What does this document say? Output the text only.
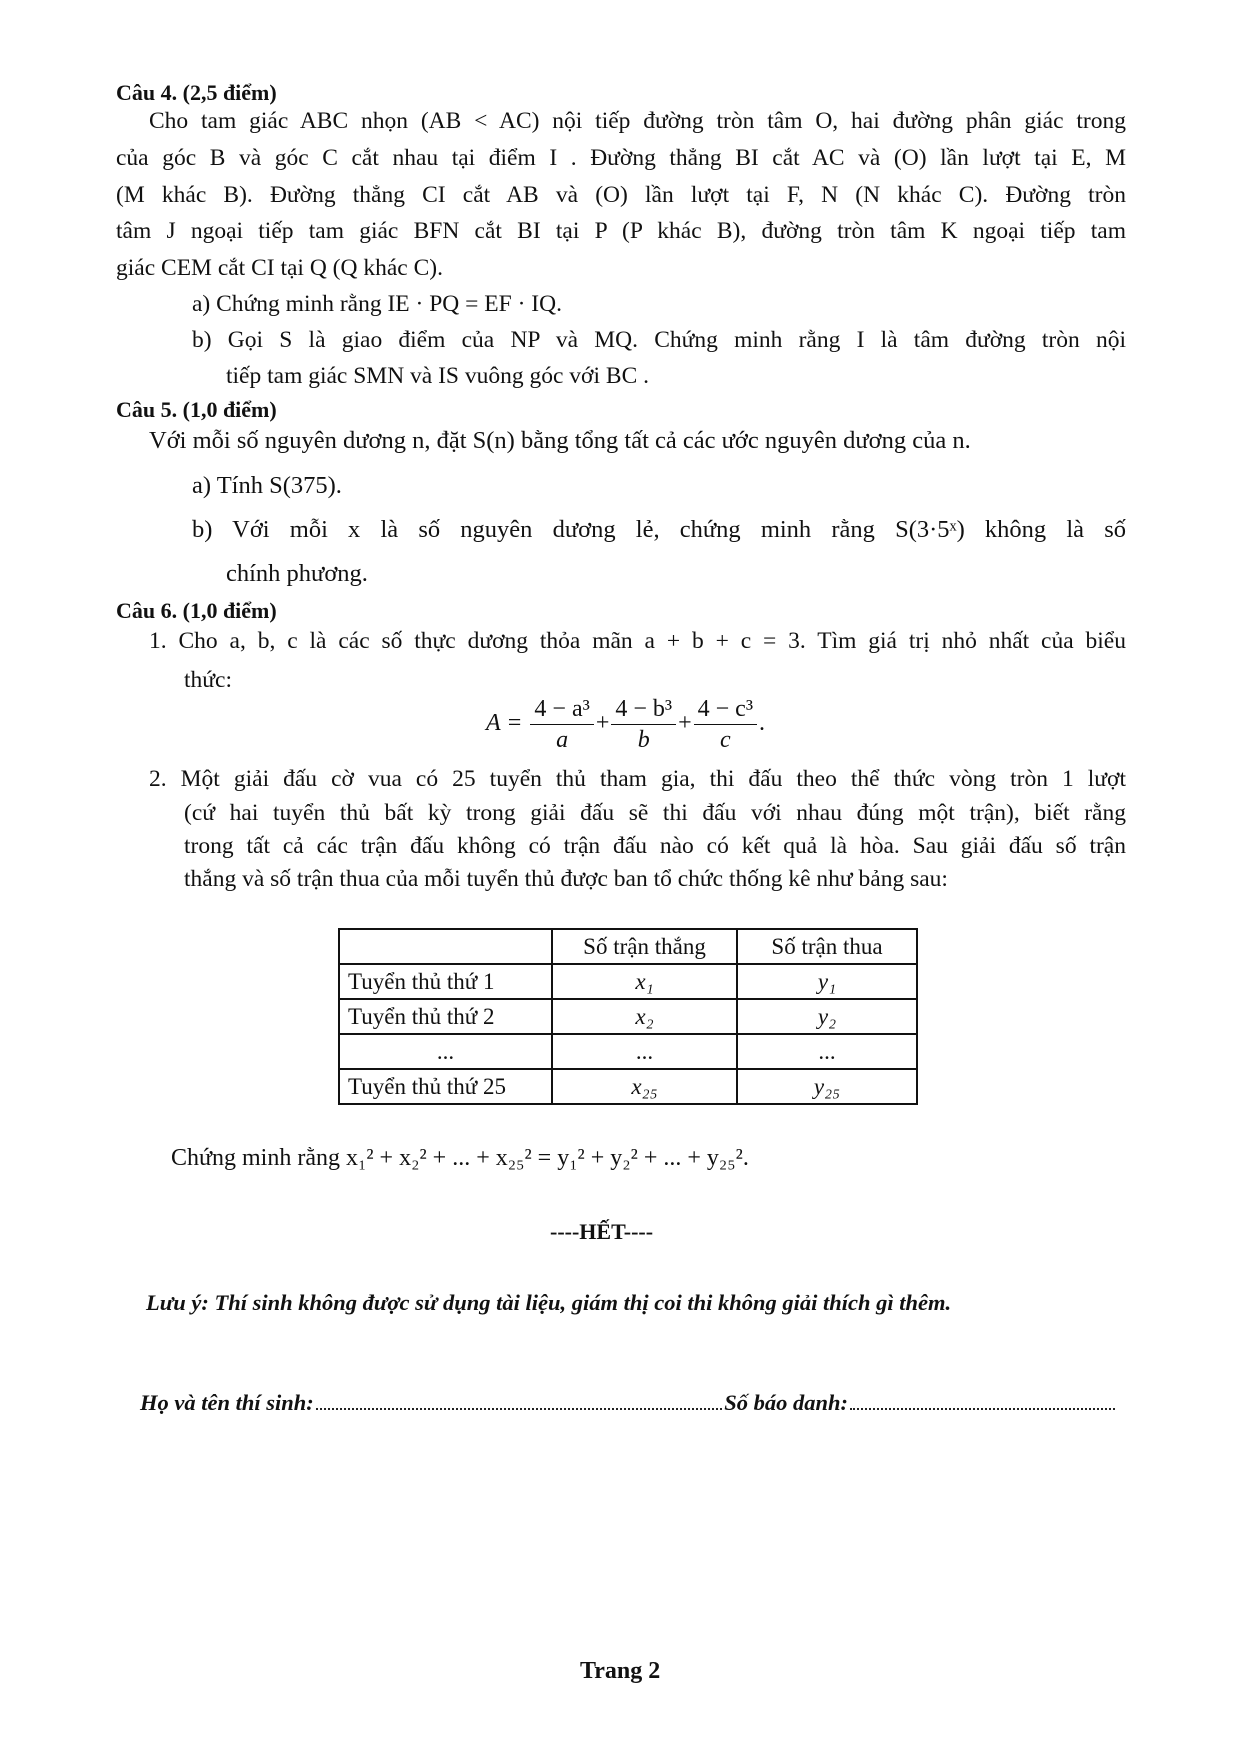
Câu 4. (2,5 điểm)
Cho tam giác ABC nhọn (AB < AC) nội tiếp đường tròn tâm O, hai đường phân giác trong
của góc B và góc C cắt nhau tại điểm I . Đường thẳng BI cắt AC và (O) lần lượt tại E, M
(M khác B). Đường thẳng CI cắt AB và (O) lần lượt tại F, N (N khác C). Đường tròn
tâm J ngoại tiếp tam giác BFN cắt BI tại P (P khác B), đường tròn tâm K ngoại tiếp tam
giác CEM cắt CI tại Q (Q khác C).
a) Chứng minh rằng IE · PQ = EF · IQ.
b) Gọi S là giao điểm của NP và MQ. Chứng minh rằng I là tâm đường tròn nội
tiếp tam giác SMN và IS vuông góc với BC .
Câu 5. (1,0 điểm)
Với mỗi số nguyên dương n, đặt S(n) bằng tổng tất cả các ước nguyên dương của n.
a) Tính S(375).
b) Với mỗi x là số nguyên dương lẻ, chứng minh rằng S(3·5ˣ) không là số
chính phương.
Câu 6. (1,0 điểm)
1. Cho a, b, c là các số thực dương thỏa mãn a + b + c = 3. Tìm giá trị nhỏ nhất của biểu
thức:
$A = \frac{\text{4 − a³}}{a} + \frac{\text{4 − b³}}{b} + \frac{\text{4 − c³}}{c}$ .
2. Một giải đấu cờ vua có 25 tuyển thủ tham gia, thi đấu theo thể thức vòng tròn 1 lượt
(cứ hai tuyển thủ bất kỳ trong giải đấu sẽ thi đấu với nhau đúng một trận), biết rằng
trong tất cả các trận đấu không có trận đấu nào có kết quả là hòa. Sau giải đấu số trận
thắng và số trận thua của mỗi tuyển thủ được ban tổ chức thống kê như bảng sau:
	Số trận thắng	Số trận thua
Tuyển thủ thứ 1	x₁	y₁
Tuyển thủ thứ 2	x₂	y₂
...	...	...
Tuyển thủ thứ 25	x₂₅	y₂₅
Chứng minh rằng x₁² + x₂² + ... + x₂₅² = y₁² + y₂² + ... + y₂₅².
----HẾT----
Lưu ý: Thí sinh không được sử dụng tài liệu, giám thị coi thi không giải thích gì thêm.
Họ và tên thí sinh:	Số báo danh:
Trang 2
